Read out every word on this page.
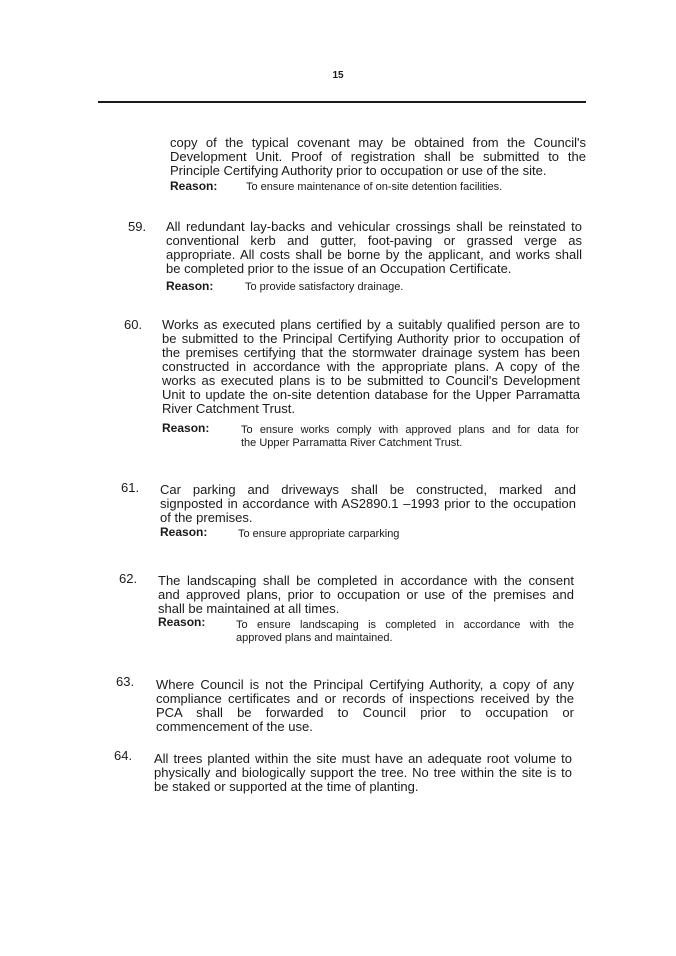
15
copy of the typical covenant may be obtained from the Council's
Development Unit. Proof of registration shall be submitted to the
Principle Certifying Authority prior to occupation or use of the site.
Reason:	To ensure maintenance of on-site detention facilities.
59. All redundant lay-backs and vehicular crossings shall be reinstated to
conventional kerb and gutter, foot-paving or grassed verge as
appropriate. All costs shall be borne by the applicant, and works shall
be completed prior to the issue of an Occupation Certificate.
Reason:	To provide satisfactory drainage.
60. Works as executed plans certified by a suitably qualified person are to
be submitted to the Principal Certifying Authority prior to occupation of
the premises certifying that the stormwater drainage system has been
constructed in accordance with the appropriate plans. A copy of the
works as executed plans is to be submitted to Council's Development
Unit to update the on-site detention database for the Upper Parramatta
River Catchment Trust.
Reason:	To ensure works comply with approved plans and for data for
the Upper Parramatta River Catchment Trust.
61. Car parking and driveways shall be constructed, marked and
signposted in accordance with AS2890.1 –1993 prior to the occupation
of the premises.
Reason:	To ensure appropriate carparking
62. The landscaping shall be completed in accordance with the consent
and approved plans, prior to occupation or use of the premises and
shall be maintained at all times.
Reason:	To ensure landscaping is completed in accordance with the
approved plans and maintained.
63. Where Council is not the Principal Certifying Authority, a copy of any
compliance certificates and or records of inspections received by the
PCA shall be forwarded to Council prior to occupation or
commencement of the use.
64. All trees planted within the site must have an adequate root volume to
physically and biologically support the tree. No tree within the site is to
be staked or supported at the time of planting.
